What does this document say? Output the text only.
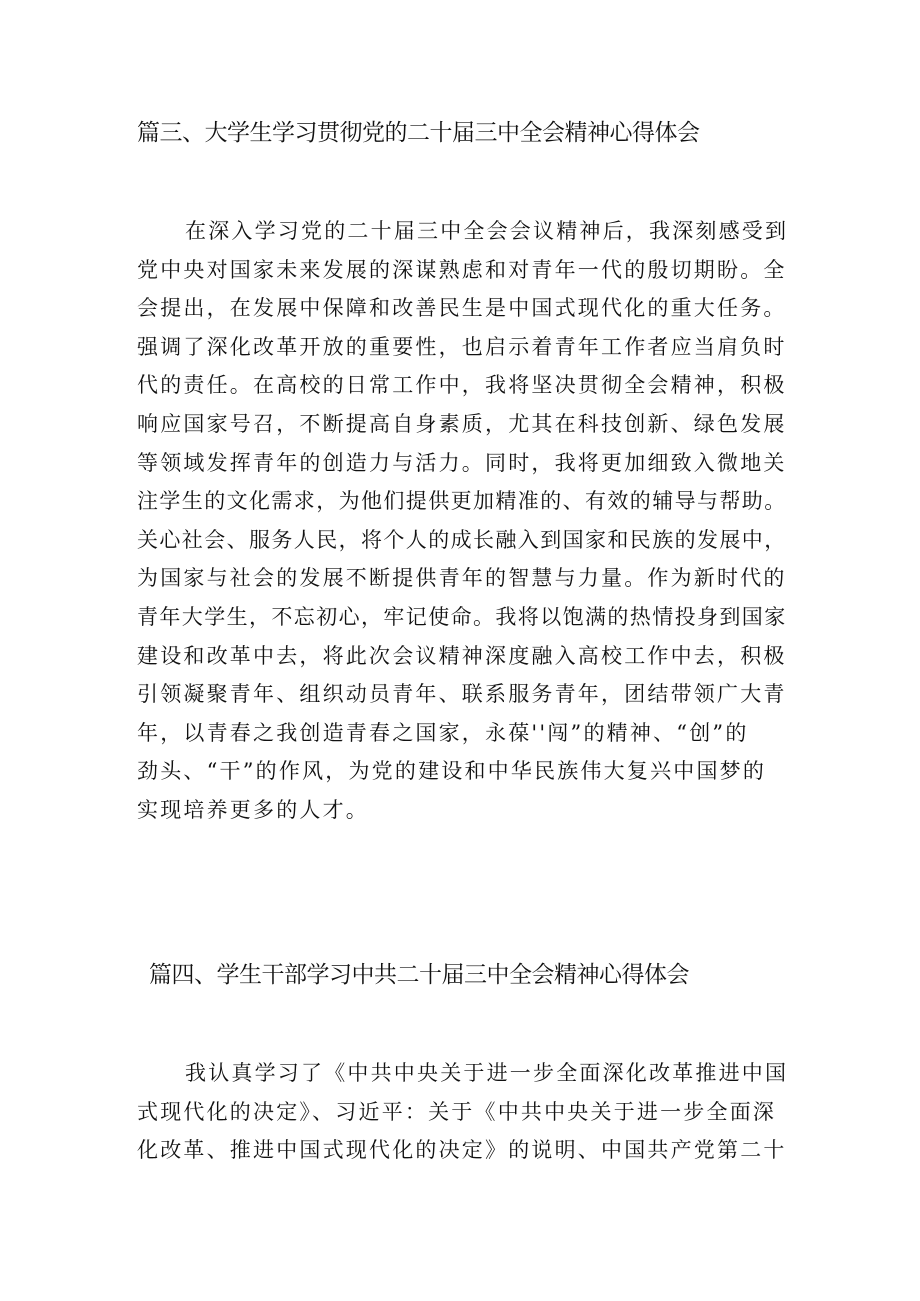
篇三、大学生学习贯彻党的二十届三中全会精神心得体会
在深入学习党的二十届三中全会会议精神后，我深刻感受到
党中央对国家未来发展的深谋熟虑和对青年一代的殷切期盼。全
会提出，在发展中保障和改善民生是中国式现代化的重大任务。
强调了深化改革开放的重要性，也启示着青年工作者应当肩负时
代的责任。在高校的日常工作中，我将坚决贯彻全会精神，积极
响应国家号召，不断提高自身素质，尤其在科技创新、绿色发展
等领域发挥青年的创造力与活力。同时，我将更加细致入微地关
注学生的文化需求，为他们提供更加精准的、有效的辅导与帮助。
关心社会、服务人民，将个人的成长融入到国家和民族的发展中，
为国家与社会的发展不断提供青年的智慧与力量。作为新时代的
青年大学生，不忘初心，牢记使命。我将以饱满的热情投身到国家
建设和改革中去，将此次会议精神深度融入高校工作中去，积极
引领凝聚青年、组织动员青年、联系服务青年，团结带领广大青
年，以青春之我创造青春之国家，永葆''闯”的精神、“创”的
劲头、“干”的作风，为党的建设和中华民族伟大复兴中国梦的
实现培养更多的人才。
篇四、学生干部学习中共二十届三中全会精神心得体会
我认真学习了《中共中央关于进一步全面深化改革推进中国
式现代化的决定》、习近平：关于《中共中央关于进一步全面深
化改革、推进中国式现代化的决定》的说明、中国共产党第二十
